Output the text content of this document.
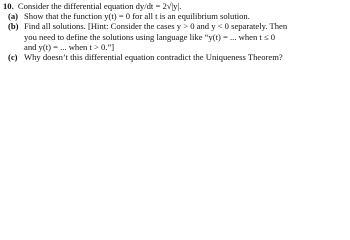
10. Consider the differential equation dy/dt = 2√|y|.
(a) Show that the function y(t) = 0 for all t is an equilibrium solution.
(b) Find all solutions. [Hint: Consider the cases y > 0 and y < 0 separately. Then
you need to define the solutions using language like “y(t) = ... when t ≤ 0
and y(t) = ... when t > 0.”]
(c) Why doesn’t this differential equation contradict the Uniqueness Theorem?
